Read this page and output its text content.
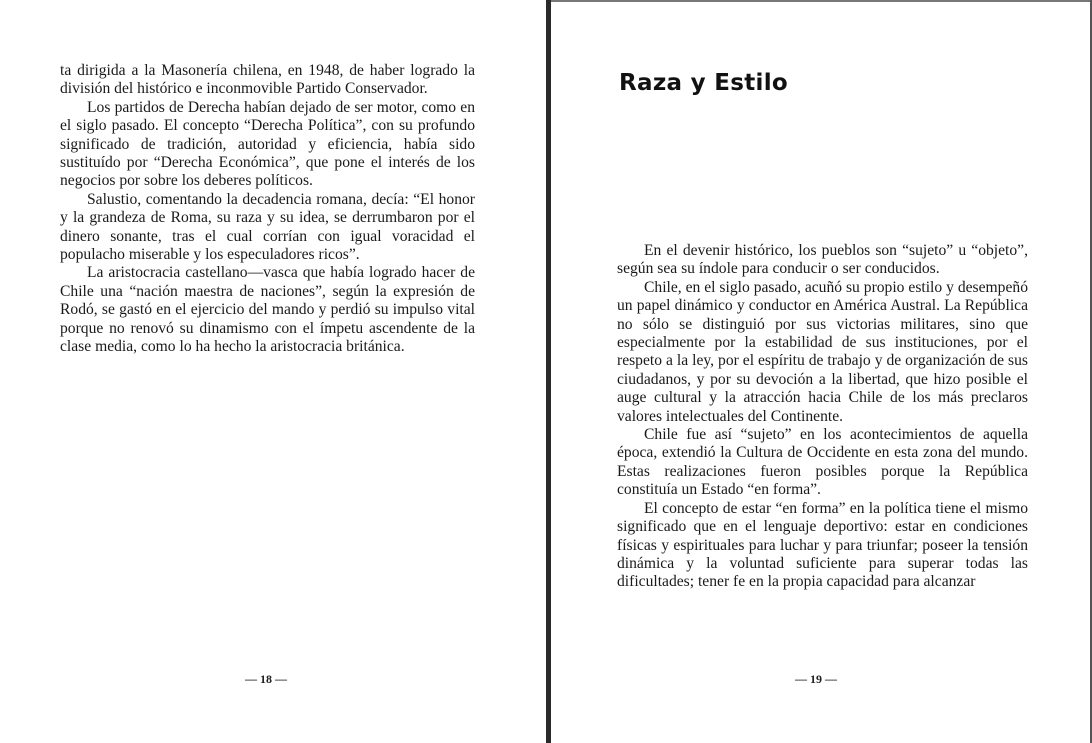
ta dirigida a la Masonería chilena, en 1948, de haber logrado la división del histórico e inconmovible Partido Conservador.

Los partidos de Derecha habían dejado de ser motor, como en el siglo pasado. El concepto “Derecha Política”, con su profundo significado de tradición, autoridad y eficiencia, había sido sustituído por “Derecha Económica”, que pone el interés de los negocios por sobre los deberes políticos.

Salustio, comentando la decadencia romana, decía: “El honor y la grandeza de Roma, su raza y su idea, se derrumbaron por el dinero sonante, tras el cual corrían con igual voracidad el populacho miserable y los especuladores ricos”.

La aristocracia castellano—vasca que había logrado hacer de Chile una “nación maestra de naciones”, según la expresión de Rodó, se gastó en el ejercicio del mando y perdió su impulso vital porque no renovó su dinamismo con el ímpetu ascendente de la clase media, como lo ha hecho la aristocracia británica.

— 18 —
Raza y Estilo

En el devenir histórico, los pueblos son “sujeto” u “objeto”, según sea su índole para conducir o ser conducidos.

Chile, en el siglo pasado, acuñó su propio estilo y desempeñó un papel dinámico y conductor en América Austral. La República no sólo se distinguió por sus victorias militares, sino que especialmente por la estabilidad de sus instituciones, por el respeto a la ley, por el espíritu de trabajo y de organización de sus ciudadanos, y por su devoción a la libertad, que hizo posible el auge cultural y la atracción hacia Chile de los más preclaros valores intelectuales del Continente.

Chile fue así “sujeto” en los acontecimientos de aquella época, extendió la Cultura de Occidente en esta zona del mundo. Estas realizaciones fueron posibles porque la República constituía un Estado “en forma”.

El concepto de estar “en forma” en la política tiene el mismo significado que en el lenguaje deportivo: estar en condiciones físicas y espirituales para luchar y para triunfar; poseer la tensión dinámica y la voluntad suficiente para superar todas las dificultades; tener fe en la propia capacidad para alcanzar

— 19 —
